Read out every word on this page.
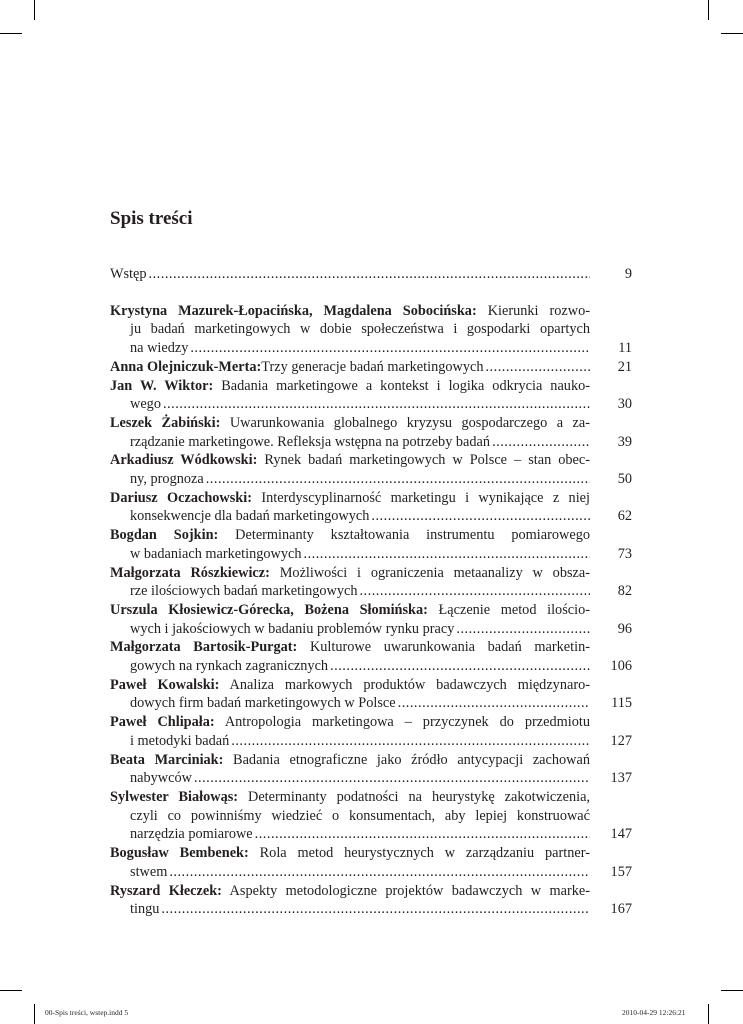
Spis treści
Wstęp .....	9
Krystyna Mazurek-Łopacińska, Magdalena Sobocińska: Kierunki rozwo-
ju badań marketingowych w dobie społeczeństwa i gospodarki opartych
na wiedzy .....	11
Anna Olejniczuk-Merta: Trzy generacje badań marketingowych .....	21
Jan W. Wiktor: Badania marketingowe a kontekst i logika odkrycia nauko-
wego .....	30
Leszek Żabiński: Uwarunkowania globalnego kryzysu gospodarczego a za-
rządzanie marketingowe. Refleksja wstępna na potrzeby badań .....	39
Arkadiusz Wódkowski: Rynek badań marketingowych w Polsce – stan obec-
ny, prognoza .....	50
Dariusz Oczachowski: Interdyscyplinarność marketingu i wynikające z niej
konsekwencje dla badań marketingowych .....	62
Bogdan Sojkin: Determinanty kształtowania instrumentu pomiarowego
w badaniach marketingowych .....	73
Małgorzata Rószkiewicz: Możliwości i ograniczenia metaanalizy w obsza-
rze ilościowych badań marketingowych .....	82
Urszula Kłosiewicz-Górecka, Bożena Słomińska: Łączenie metod ilościo-
wych i jakościowych w badaniu problemów rynku pracy .....	96
Małgorzata Bartosik-Purgat: Kulturowe uwarunkowania badań marketin-
gowych na rynkach zagranicznych .....	106
Paweł Kowalski: Analiza markowych produktów badawczych międzynaro-
dowych firm badań marketingowych w Polsce .....	115
Paweł Chlipała: Antropologia marketingowa – przyczynek do przedmiotu
i metodyki badań .....	127
Beata Marciniak: Badania etnograficzne jako źródło antycypacji zachowań
nabywców .....	137
Sylwester Białowąs: Determinanty podatności na heurystykę zakotwiczenia,
czyli co powinniśmy wiedzieć o konsumentach, aby lepiej konstruować
narzędzia pomiarowe .....	147
Bogusław Bembenek: Rola metod heurystycznych w zarządzaniu partner-
stwem .....	157
Ryszard Kłeczek: Aspekty metodologiczne projektów badawczych w marke-
tingu .....	167
00-Spis treści, wstep.indd 5	2010-04-29 12:26:21
